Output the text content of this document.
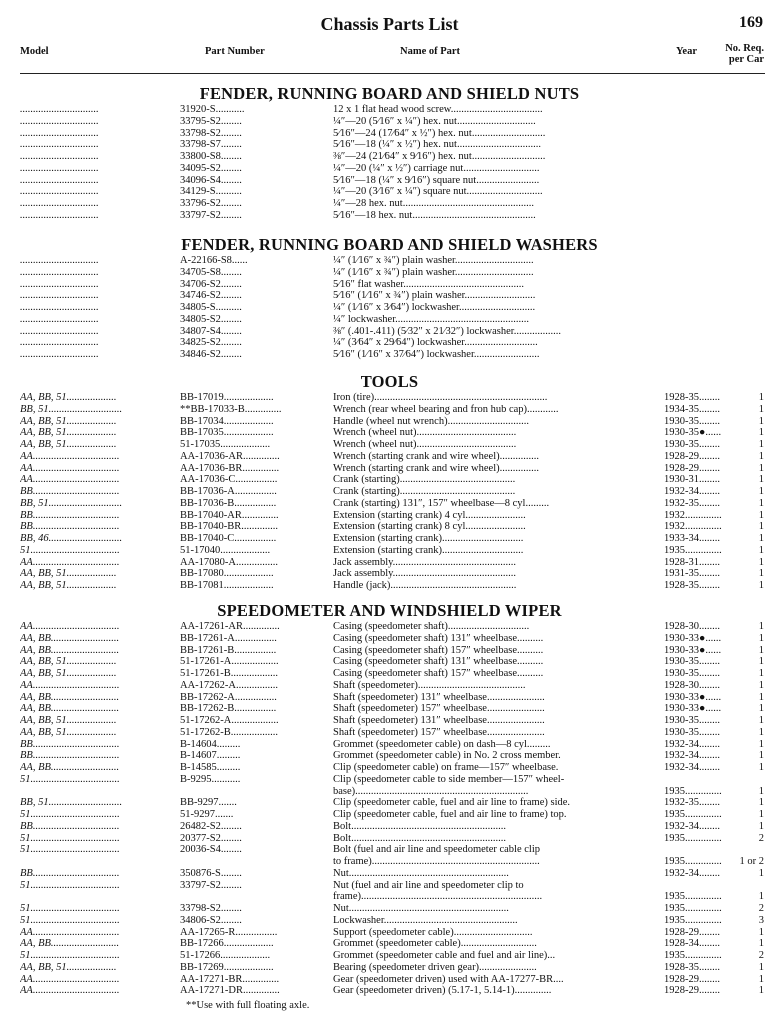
Chassis Parts List	169
Model	Part Number	Name of Part	Year	No. Req.
per Car
FENDER, RUNNING BOARD AND SHIELD NUTS
..............................	31920-S...........	12 x 1 flat head wood screw...................................
..............................	33795-S2........	¼″—20 (5⁄16″ x ¼″) hex. nut..............................
..............................	33798-S2........	5⁄16″—24 (17⁄64″ x ½″) hex. nut............................
..............................	33798-S7........	5⁄16″—18 (¼″ x ½″) hex. nut................................
..............................	33800-S8........	⅜″—24 (21⁄64″ x 9⁄16″) hex. nut............................
..............................	34095-S2........	¼″—20 (¼″ x ½″) carriage nut.............................
..............................	34096-S4........	5⁄16″—18 (¼″ x 9⁄16″) square nut........................
..............................	34129-S..........	¼″—20 (3⁄16″ x ¼″) square nut.............................
..............................	33796-S2........	¼″—28 hex. nut..................................................
..............................	33797-S2........	5⁄16″—18 hex. nut...............................................
FENDER, RUNNING BOARD AND SHIELD WASHERS
..............................	A-22166-S8......	¼″ (1⁄16″ x ¾″) plain washer..............................
..............................	34705-S8........	¼″ (1⁄16″ x ¾″) plain washer..............................
..............................	34706-S2........	5⁄16″ flat washer..............................................
..............................	34746-S2........	5⁄16″ (1⁄16″ x ¾″) plain washer...........................
..............................	34805-S..........	¼″ (1⁄16″ x 3⁄64″) lockwasher.............................
..............................	34805-S2........	¼″ lockwasher...................................................
..............................	34807-S4........	⅜″ (.401-.411) (5⁄32″ x 21⁄32″) lockwasher..................
..............................	34825-S2........	¼″ (3⁄64″ x 29⁄64″) lockwasher............................
..............................	34846-S2........	5⁄16″ (1⁄16″ x 37⁄64″) lockwasher.........................
TOOLS
AA, BB, 51...................	BB-17019...................	Iron (tire)..................................................................	1928-35........	1
BB, 51............................	**BB-17033-B..............	Wrench (rear wheel bearing and fron hub cap)............	1934-35........	1
AA, BB, 51...................	BB-17034...................	Handle (wheel nut wrench)...............................	1930-35........	1
AA, BB, 51...................	BB-17035...................	Wrench (wheel nut)......................................	1930-35●......	1
AA, BB, 51...................	51-17035...................	Wrench (wheel nut)......................................	1930-35........	1
AA.................................	AA-17036-AR..............	Wrench (starting crank and wire wheel)...............	1928-29........	1
AA.................................	AA-17036-BR..............	Wrench (starting crank and wire wheel)...............	1928-29........	1
AA.................................	AA-17036-C................	Crank (starting)............................................	1930-31........	1
BB.................................	BB-17036-A................	Crank (starting)............................................	1932-34........	1
BB, 51............................	BB-17036-B................	Crank (starting) 131″, 157″ wheelbase—8 cyl.........	1932-35........	1
BB.................................	BB-17040-AR..............	Extension (starting crank) 4 cyl.......................	1932..............	1
BB.................................	BB-17040-BR..............	Extension (starting crank) 8 cyl.......................	1932..............	1
BB, 46............................	BB-17040-C................	Extension (starting crank)...............................	1933-34........	1
51..................................	51-17040...................	Extension (starting crank)...............................	1935..............	1
AA.................................	AA-17080-A................	Jack assembly...............................................	1928-31........	1
AA, BB, 51...................	BB-17080...................	Jack assembly...............................................	1931-35........	1
AA, BB, 51...................	BB-17081...................	Handle (jack)................................................	1928-35........	1
SPEEDOMETER AND WINDSHIELD WIPER
AA.................................	AA-17261-AR..............	Casing (speedometer shaft)...............................	1928-30........	1
AA, BB..........................	BB-17261-A................	Casing (speedometer shaft) 131″ wheelbase..........	1930-33●......	1
AA, BB..........................	BB-17261-B................	Casing (speedometer shaft) 157″ wheelbase..........	1930-33●......	1
AA, BB, 51...................	51-17261-A..................	Casing (speedometer shaft) 131″ wheelbase..........	1930-35........	1
AA, BB, 51...................	51-17261-B..................	Casing (speedometer shaft) 157″ wheelbase..........	1930-35........	1
AA.................................	AA-17262-A................	Shaft (speedometer).........................................	1928-30........	1
AA, BB..........................	BB-17262-A................	Shaft (speedometer) 131″ wheelbase......................	1930-33●......	1
AA, BB..........................	BB-17262-B................	Shaft (speedometer) 157″ wheelbase......................	1930-33●......	1
AA, BB, 51...................	51-17262-A..................	Shaft (speedometer) 131″ wheelbase......................	1930-35........	1
AA, BB, 51...................	51-17262-B..................	Shaft (speedometer) 157″ wheelbase......................	1930-35........	1
BB.................................	B-14604.........	Grommet (speedometer cable) on dash—8 cyl.........	1932-34........	1
BB.................................	B-14607.........	Grommet (speedometer cable) in No. 2 cross member.	1932-34........	1
AA, BB..........................	B-14585.........	Clip (speedometer cable) on frame—157″ wheelbase.	1932-34........	1
51..................................	B-9295...........	Clip (speedometer cable to side member—157″ wheel-
base)..................................................................	1935..............	1
BB, 51............................	BB-9297.......	Clip (speedometer cable, fuel and air line to frame) side.	1932-35........	1
51..................................	51-9297.......	Clip (speedometer cable, fuel and air line to frame) top.	1935..............	1
BB.................................	26482-S2........	Bolt...........................................................	1932-34........	1
51..................................	20377-S2........	Bolt...........................................................	1935..............	2
51..................................	20036-S4........	Bolt (fuel and air line and speedometer cable clip
to frame)................................................................	1935..............	1 or 2
BB.................................	350876-S........	Nut.............................................................	1932-34........	1
51..................................	33797-S2........	Nut (fuel and air line and speedometer clip to
frame).....................................................................	1935..............	1
51..................................	33798-S2........	Nut.............................................................	1935..............	2
51..................................	34806-S2........	Lockwasher...................................................	1935..............	3
AA.................................	AA-17265-R................	Support (speedometer cable)..............................	1928-29........	1
AA, BB..........................	BB-17266...................	Grommet (speedometer cable).............................	1928-34........	1
51..................................	51-17266...................	Grommet (speedometer cable and fuel and air line)...	1935..............	2
AA, BB, 51...................	BB-17269...................	Bearing (speedometer driven gear)......................	1928-35........	1
AA.................................	AA-17271-BR..............	Gear (speedometer driven) used with AA-17277-BR....	1928-29........	1
AA.................................	AA-17271-DR..............	Gear (speedometer driven) (5.17-1, 5.14-1)..............	1928-29........	1
**Use with full floating axle.
